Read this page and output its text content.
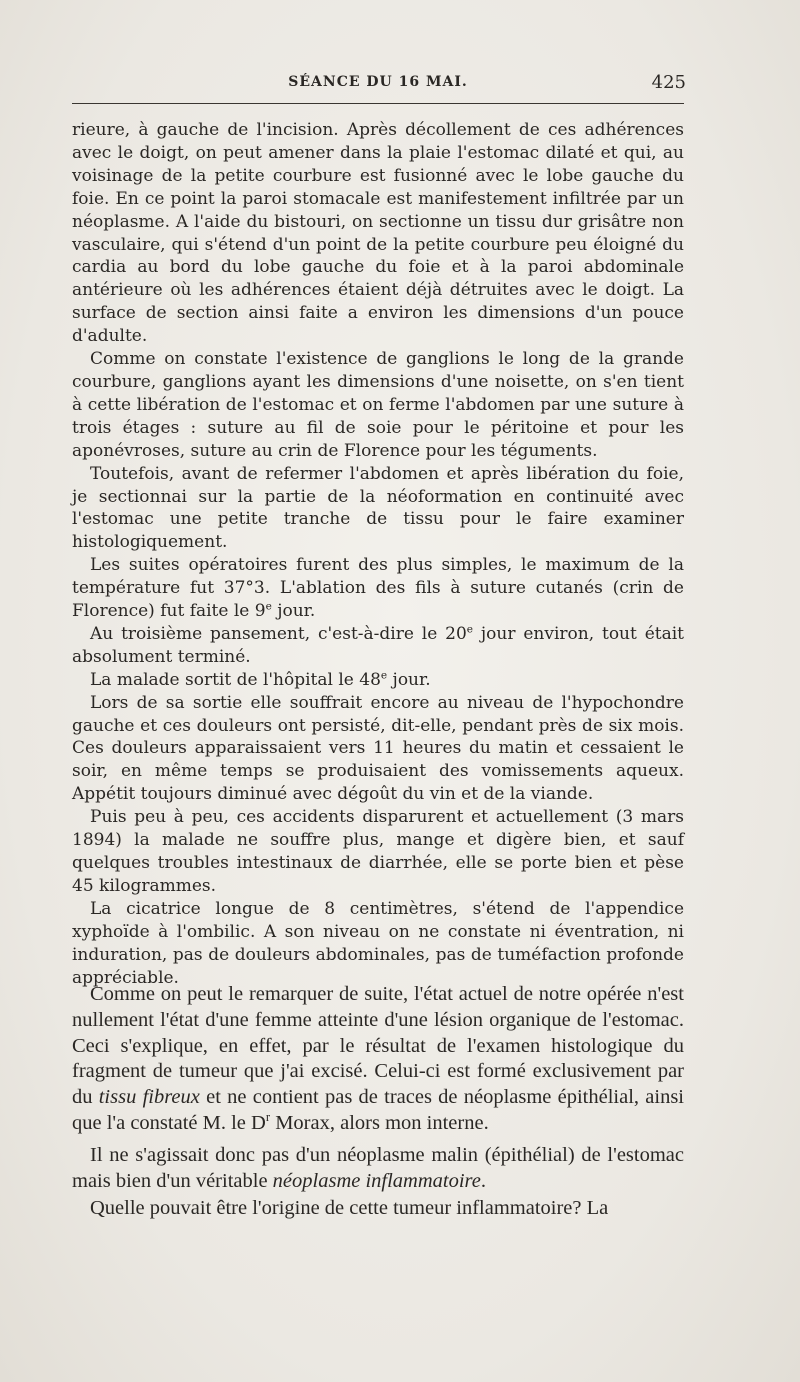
SÉANCE DU 16 MAI.	425

rieure, à gauche de l'incision. Après décollement de ces adhérences avec le doigt, on peut amener dans la plaie l'estomac dilaté et qui, au voisinage de la petite courbure est fusionné avec le lobe gauche du foie. En ce point la paroi stomacale est manifestement infiltrée par un néoplasme. A l'aide du bistouri, on sectionne un tissu dur grisâtre non vasculaire, qui s'étend d'un point de la petite courbure peu éloigné du cardia au bord du lobe gauche du foie et à la paroi abdominale antérieure où les adhérences étaient déjà détruites avec le doigt. La surface de section ainsi faite a environ les dimensions d'un pouce d'adulte.

Comme on constate l'existence de ganglions le long de la grande courbure, ganglions ayant les dimensions d'une noisette, on s'en tient à cette libération de l'estomac et on ferme l'abdomen par une suture à trois étages : suture au fil de soie pour le péritoine et pour les aponévroses, suture au crin de Florence pour les téguments.

Toutefois, avant de refermer l'abdomen et après libération du foie, je sectionnai sur la partie de la néoformation en continuité avec l'estomac une petite tranche de tissu pour le faire examiner histologiquement.

Les suites opératoires furent des plus simples, le maximum de la température fut 37°3. L'ablation des fils à suture cutanés (crin de Florence) fut faite le 9e jour.

Au troisième pansement, c'est-à-dire le 20e jour environ, tout était absolument terminé.

La malade sortit de l'hôpital le 48e jour.

Lors de sa sortie elle souffrait encore au niveau de l'hypochondre gauche et ces douleurs ont persisté, dit-elle, pendant près de six mois. Ces douleurs apparaissaient vers 11 heures du matin et cessaient le soir, en même temps se produisaient des vomissements aqueux. Appétit toujours diminué avec dégoût du vin et de la viande.

Puis peu à peu, ces accidents disparurent et actuellement (3 mars 1894) la malade ne souffre plus, mange et digère bien, et sauf quelques troubles intestinaux de diarrhée, elle se porte bien et pèse 45 kilogrammes.

La cicatrice longue de 8 centimètres, s'étend de l'appendice xyphoïde à l'ombilic. A son niveau on ne constate ni éventration, ni induration, pas de douleurs abdominales, pas de tuméfaction profonde appréciable.

Comme on peut le remarquer de suite, l'état actuel de notre opérée n'est nullement l'état d'une femme atteinte d'une lésion organique de l'estomac. Ceci s'explique, en effet, par le résultat de l'examen histologique du fragment de tumeur que j'ai excisé. Celui-ci est formé exclusivement par du tissu fibreux et ne contient pas de traces de néoplasme épithélial, ainsi que l'a constaté M. le $D^r$ Morax, alors mon interne.

Il ne s'agissait donc pas d'un néoplasme malin (épithélial) de l'estomac mais bien d'un véritable néoplasme inflammatoire.

Quelle pouvait être l'origine de cette tumeur inflammatoire? La
